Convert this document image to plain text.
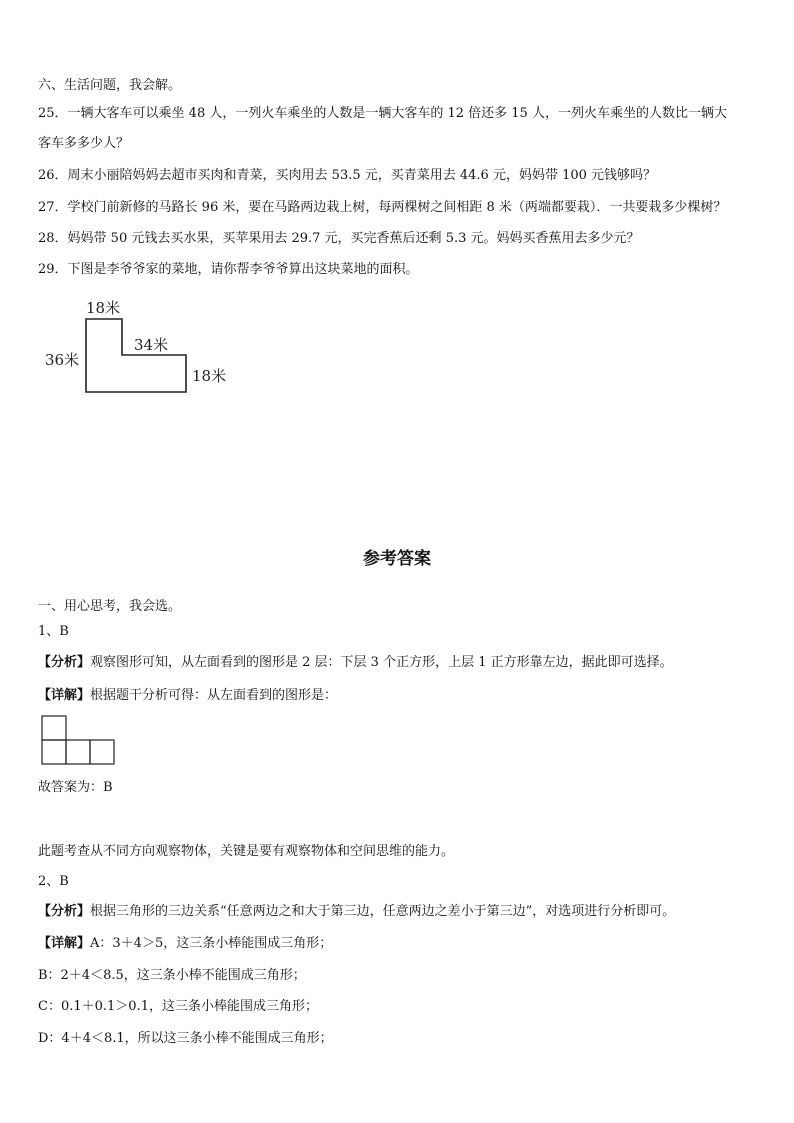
六、生活问题，我会解。
25．一辆大客车可以乘坐 48 人，一列火车乘坐的人数是一辆大客车的 12 倍还多 15 人，一列火车乘坐的人数比一辆大
客车多多少人？
26．周末小丽陪妈妈去超市买肉和青菜，买肉用去 53.5 元，买青菜用去 44.6 元，妈妈带 100 元钱够吗？
27．学校门前新修的马路长 96 米，要在马路两边栽上树，每两棵树之间相距 8 米（两端都要栽）．一共要栽多少棵树？
28．妈妈带 50 元钱去买水果，买苹果用去 29.7 元，买完香蕉后还剩 5.3 元。妈妈买香蕉用去多少元？
29．下图是李爷爷家的菜地，请你帮李爷爷算出这块菜地的面积。
18米
36米
34米
18米
参考答案
一、用心思考，我会选。
1、B
【分析】观察图形可知，从左面看到的图形是 2 层：下层 3 个正方形，上层 1 正方形靠左边，据此即可选择。
【详解】根据题干分析可得：从左面看到的图形是：
故答案为：B
此题考查从不同方向观察物体，关键是要有观察物体和空间思维的能力。
2、B
【分析】根据三角形的三边关系“任意两边之和大于第三边，任意两边之差小于第三边”，对选项进行分析即可。
【详解】A：3＋4＞5，这三条小棒能围成三角形；
B：2＋4＜8.5，这三条小棒不能围成三角形；
C：0.1＋0.1＞0.1，这三条小棒能围成三角形；
D：4＋4＜8.1，所以这三条小棒不能围成三角形；
